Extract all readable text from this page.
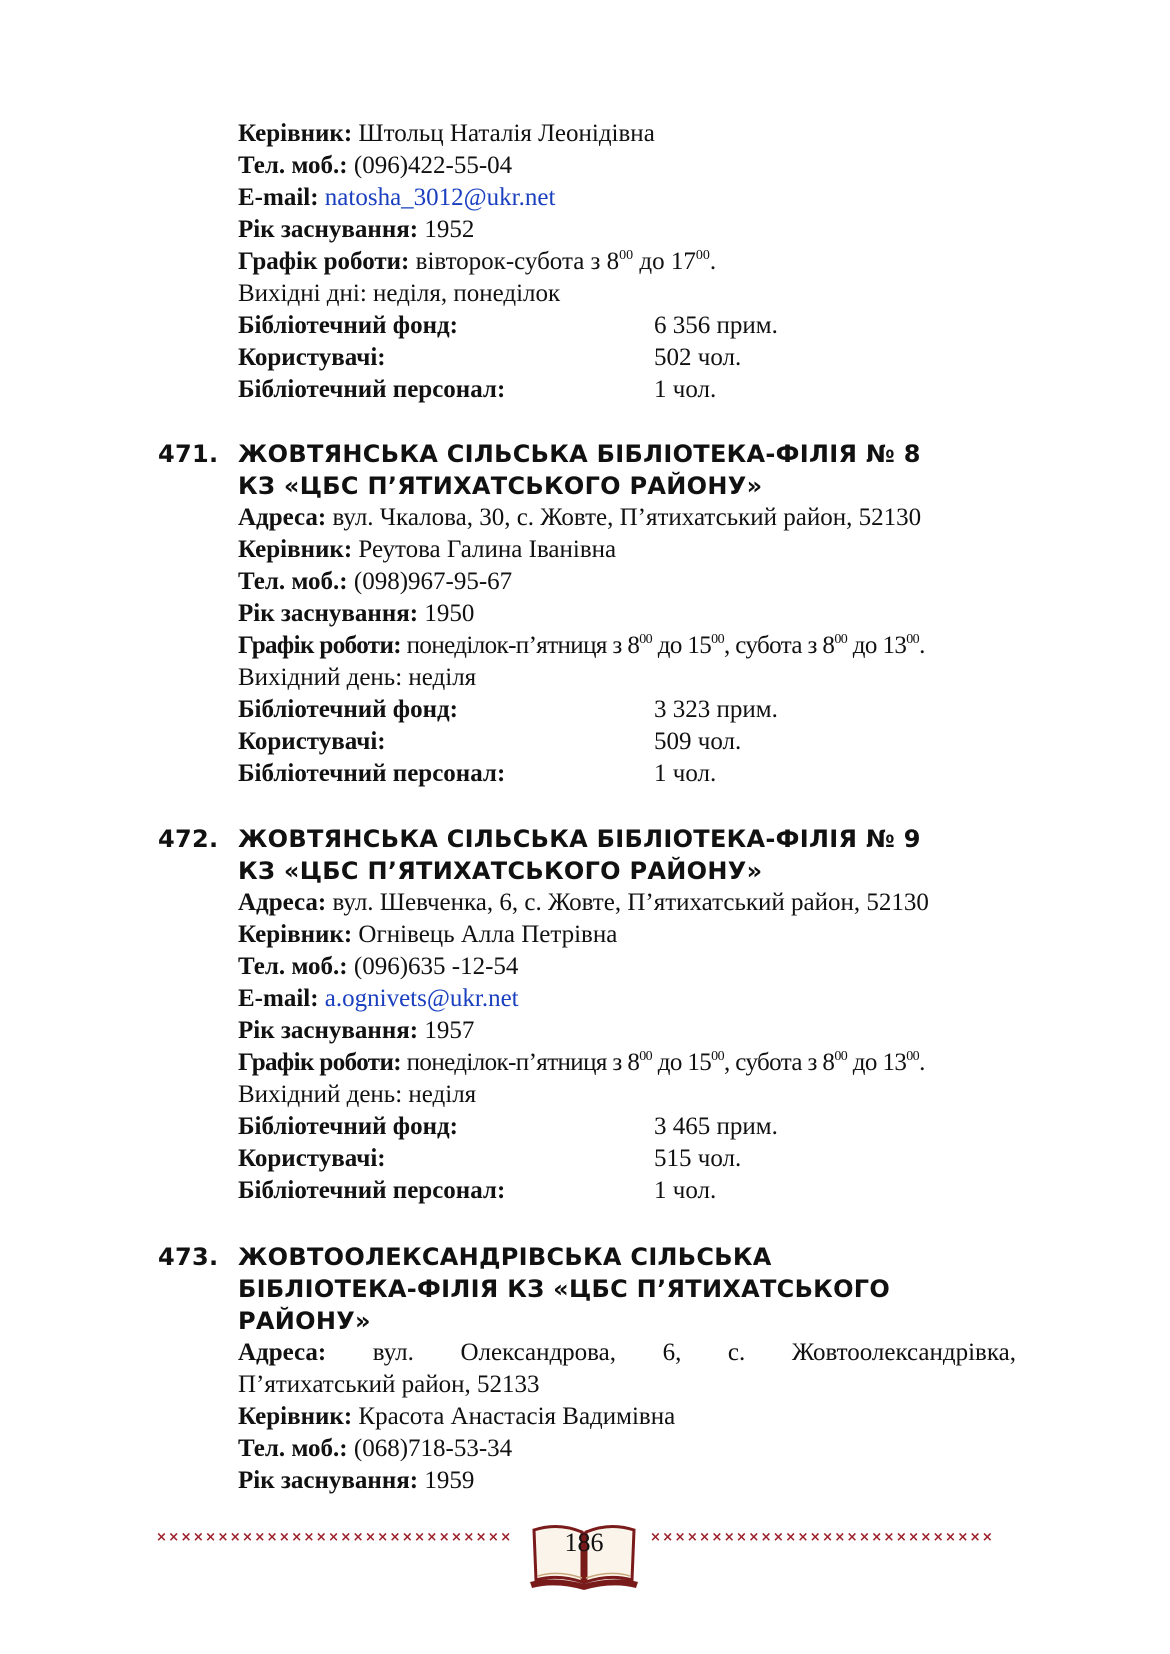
Керівник: Штольц Наталія Леонідівна
Тел. моб.: (096)422-55-04
E-mail: natosha_3012@ukr.net
Рік заснування: 1952
Графік роботи: вівторок-субота з $8^{00}$ до $17^{00}$.
Вихідні дні: неділя, понеділок
Бібліотечний фонд:	6 356 прим.
Користувачі:	502 чол.
Бібліотечний персонал:	1 чол.
471. ЖОВТЯНСЬКА СІЛЬСЬКА БІБЛІОТЕКА-ФІЛІЯ № 8
КЗ «ЦБС П’ЯТИХАТСЬКОГО РАЙОНУ»
Адреса: вул. Чкалова, 30, с. Жовте, П’ятихатський район, 52130
Керівник: Реутова Галина Іванівна
Тел. моб.: (098)967-95-67
Рік заснування: 1950
Графік роботи: понеділок-п’ятниця з $8^{00}$ до $15^{00}$, субота з $8^{00}$ до $13^{00}$.
Вихідний день: неділя
Бібліотечний фонд:	3 323 прим.
Користувачі:	509 чол.
Бібліотечний персонал:	1 чол.
472. ЖОВТЯНСЬКА СІЛЬСЬКА БІБЛІОТЕКА-ФІЛІЯ № 9
КЗ «ЦБС П’ЯТИХАТСЬКОГО РАЙОНУ»
Адреса: вул. Шевченка, 6, с. Жовте, П’ятихатський район, 52130
Керівник: Огнівець Алла Петрівна
Тел. моб.: (096)635 -12-54
E-mail: a.ognivets@ukr.net
Рік заснування: 1957
Графік роботи: понеділок-п’ятниця з $8^{00}$ до $15^{00}$, субота з $8^{00}$ до $13^{00}$.
Вихідний день: неділя
Бібліотечний фонд:	3 465 прим.
Користувачі:	515 чол.
Бібліотечний персонал:	1 чол.
473. ЖОВТООЛЕКСАНДРІВСЬКА СІЛЬСЬКА
БІБЛІОТЕКА-ФІЛІЯ КЗ «ЦБС П’ЯТИХАТСЬКОГО
РАЙОНУ»
Адреса: вул. Олександрова, 6, с. Жовтоолександрівка,
П’ятихатський район, 52133
Керівник: Красота Анастасія Вадимівна
Тел. моб.: (068)718-53-34
Рік заснування: 1959
×××××××××××××××××××××××××××××	××××××××××××××××××××××××××××
186
